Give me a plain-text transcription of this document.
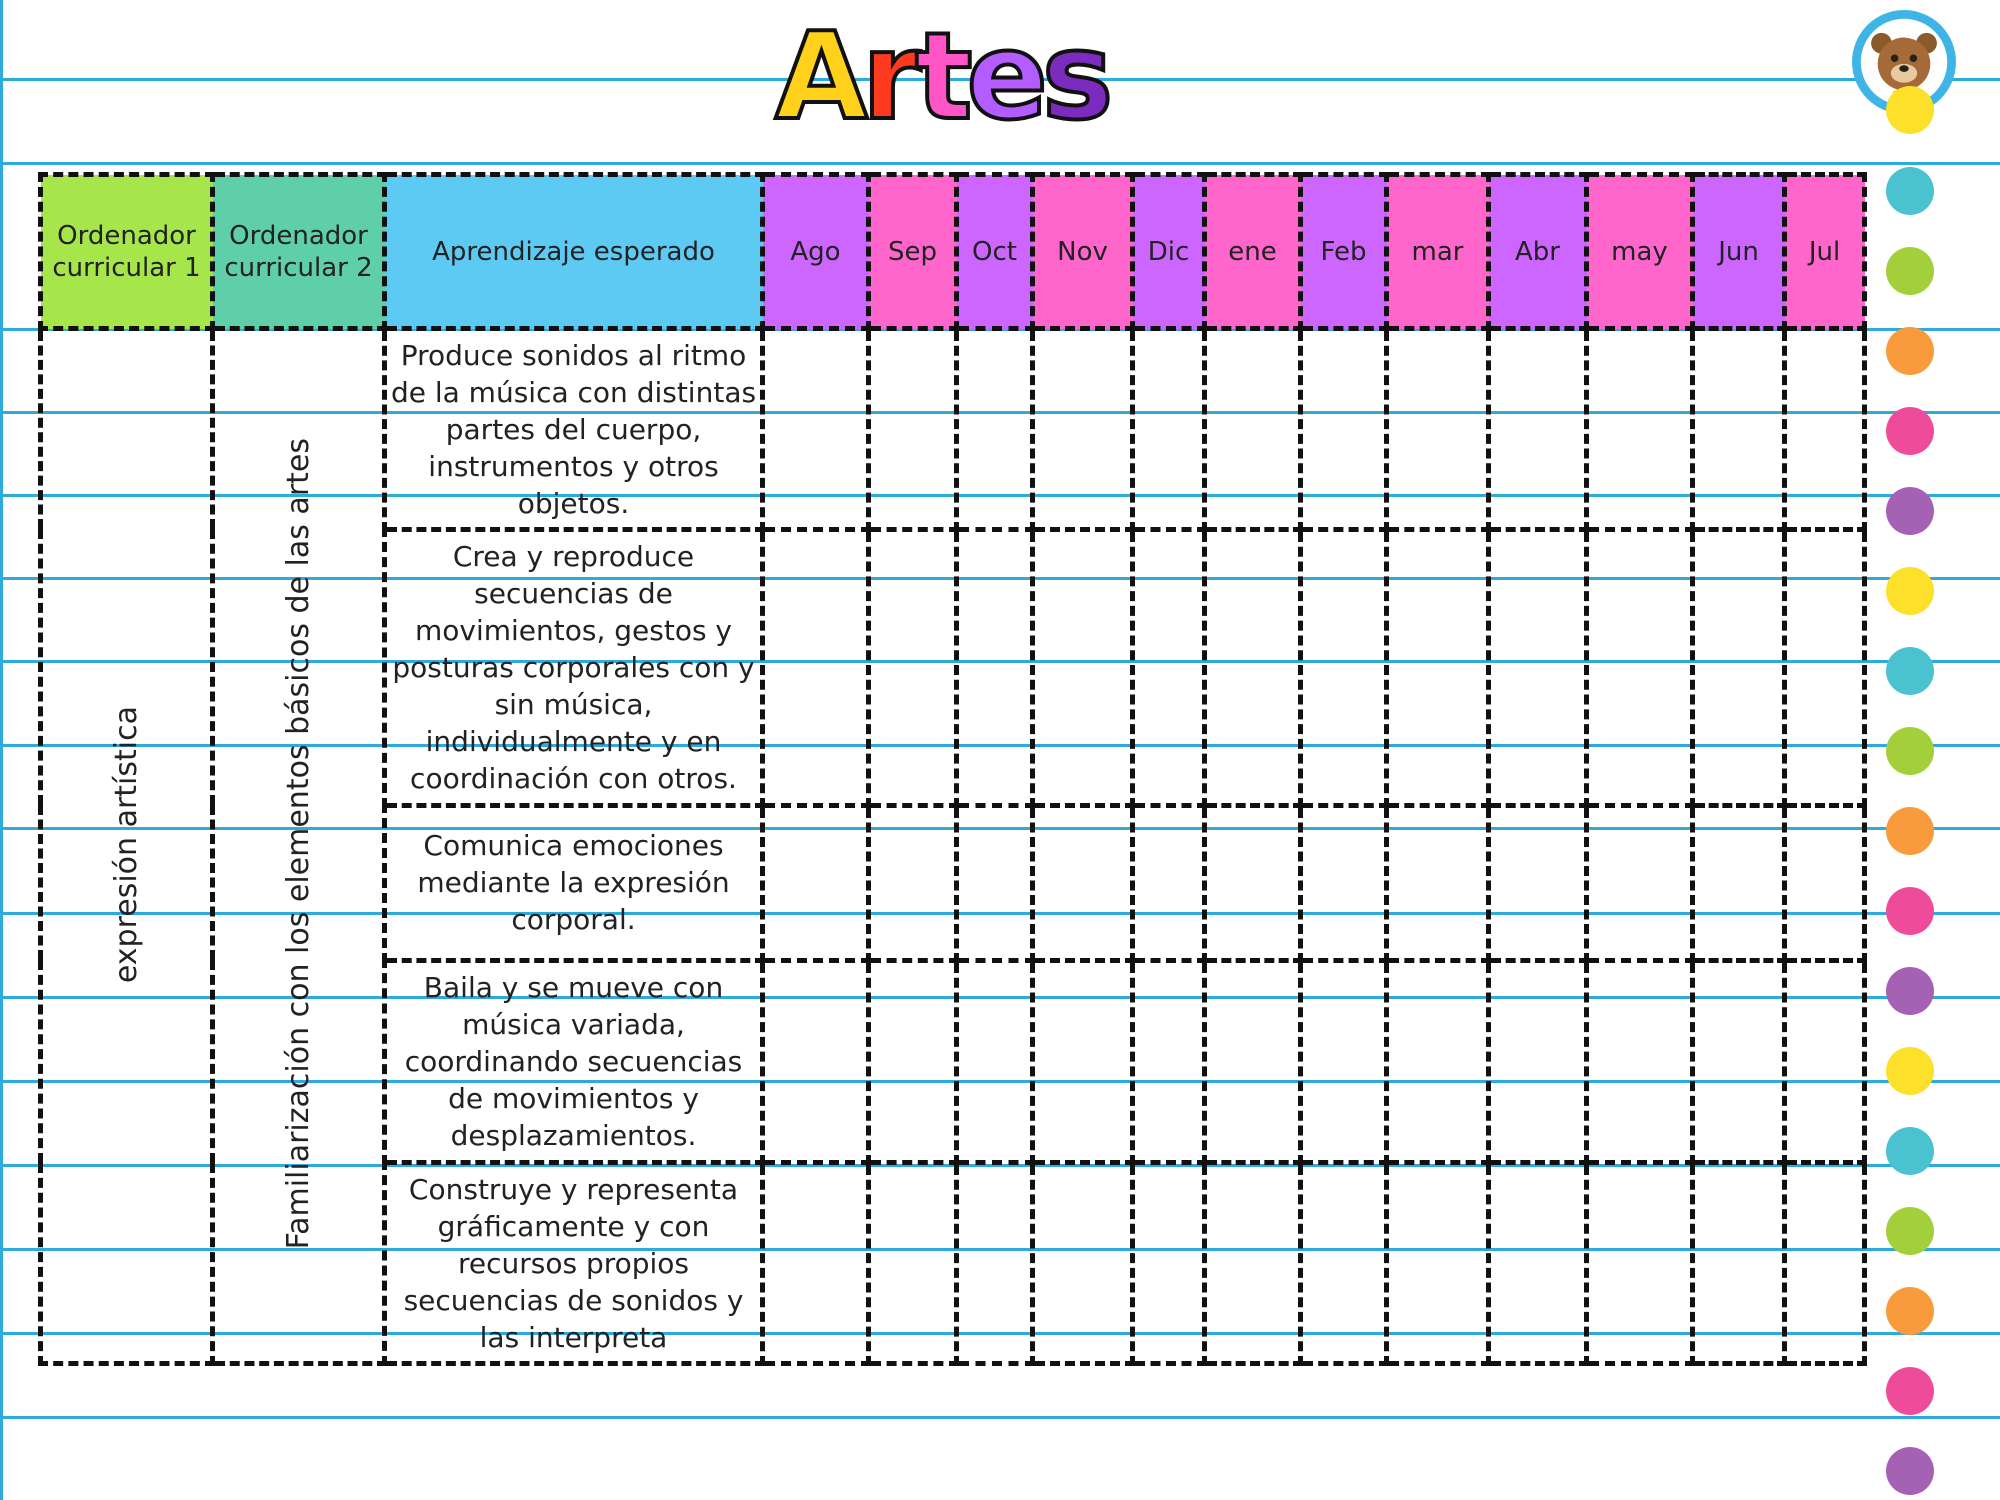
Artes
Ordenador curricular 1	Ordenador curricular 2	Aprendizaje esperado	Ago	Sep	Oct	Nov	Dic	ene	Feb	mar	Abr	may	Jun	Jul
expresión artística	Familiarización con los elementos básicos de las artes	Produce sonidos al ritmo de la música con distintas partes del cuerpo, instrumentos y otros objetos.												
		Crea y reproduce secuencias de movimientos, gestos y posturas corporales con y sin música, individualmente y en coordinación con otros.												
		Comunica emociones mediante la expresión corporal.												
		Baila y se mueve con música variada, coordinando secuencias de movimientos y desplazamientos.												
		Construye y representa gráficamente y con recursos propios secuencias de sonidos y las interpreta												
